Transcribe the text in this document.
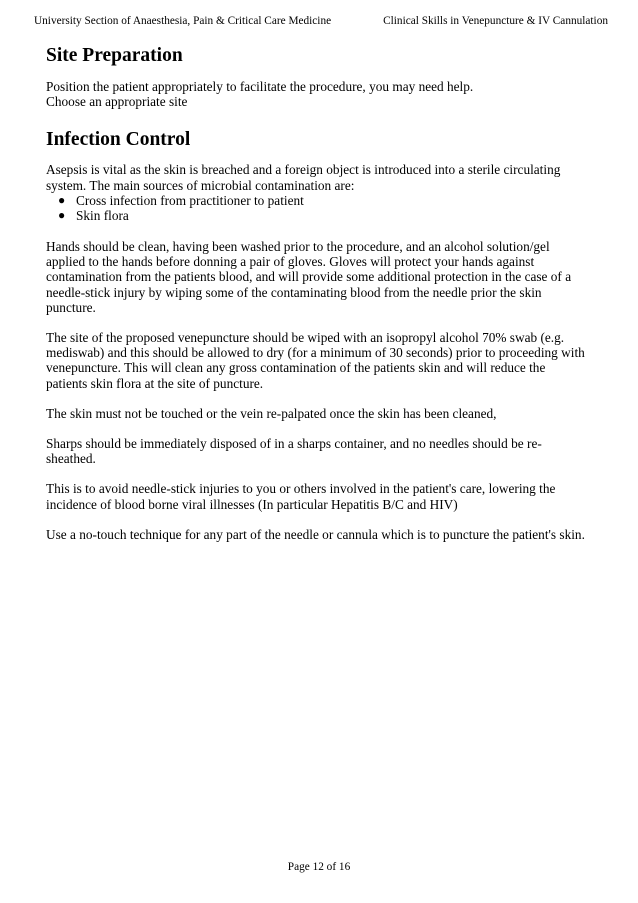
University Section of Anaesthesia, Pain & Critical Care Medicine	Clinical Skills in Venepuncture & IV Cannulation
Site Preparation

Position the patient appropriately to facilitate the procedure, you may need help.

Choose an appropriate site

Infection Control

Asepsis is vital as the skin is breached and a foreign object is introduced into a sterile circulating system. The main sources of microbial contamination are:

● Cross infection from practitioner to patient
● Skin flora

Hands should be clean, having been washed prior to the procedure, and an alcohol solution/gel applied to the hands before donning a pair of gloves. Gloves will protect your hands against contamination from the patients blood, and will provide some additional protection in the case of a needle-stick injury by wiping some of the contaminating blood from the needle prior the skin puncture.

The site of the proposed venepuncture should be wiped with an isopropyl alcohol 70% swab (e.g. mediswab) and this should be allowed to dry (for a minimum of 30 seconds) prior to proceeding with venepuncture. This will clean any gross contamination of the patients skin and will reduce the patients skin flora at the site of puncture.

The skin must not be touched or the vein re-palpated once the skin has been cleaned,

Sharps should be immediately disposed of in a sharps container, and no needles should be re-sheathed.

This is to avoid needle-stick injuries to you or others involved in the patient's care, lowering the incidence of blood borne viral illnesses (In particular Hepatitis B/C and HIV)

Use a no-touch technique for any part of the needle or cannula which is to puncture the patient's skin.

Page 12 of 16
